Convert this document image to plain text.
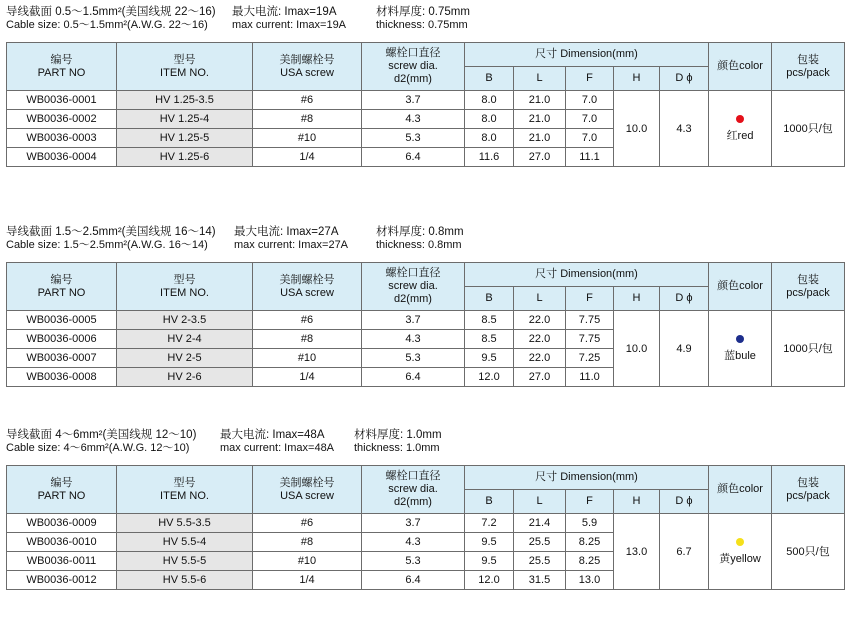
导线截面 0.5～1.5mm²(美国线规 22～16)
Cable size: 0.5～1.5mm²(A.W.G. 22～16)
最大电流: Imax=19A
max current: Imax=19A
材料厚度: 0.75mm
thickness: 0.75mm
编号
PART NO	型号
ITEM NO.	美制螺栓号
USA screw	螺栓口直径
screw dia.
d2(mm)	尺寸 Dimension(mm)					颜色color	包装
pcs/pack
				B	L	F	H	D ϕ		
WB0036-0001	HV 1.25-3.5	#6	3.7	8.0	21.0	7.0	10.0	4.3	红red	1000只/包
WB0036-0002	HV 1.25-4	#8	4.3	8.0	21.0	7.0				
WB0036-0003	HV 1.25-5	#10	5.3	8.0	21.0	7.0				
WB0036-0004	HV 1.25-6	1/4	6.4	11.6	27.0	11.1				
导线截面 1.5～2.5mm²(美国线规 16～14)
Cable size: 1.5～2.5mm²(A.W.G. 16～14)
最大电流: Imax=27A
max current: Imax=27A
材料厚度: 0.8mm
thickness: 0.8mm
编号
PART NO	型号
ITEM NO.	美制螺栓号
USA screw	螺栓口直径
screw dia.
d2(mm)	尺寸 Dimension(mm)					颜色color	包装
pcs/pack
				B	L	F	H	D ϕ		
WB0036-0005	HV 2-3.5	#6	3.7	8.5	22.0	7.75	10.0	4.9	蓝bule	1000只/包
WB0036-0006	HV 2-4	#8	4.3	8.5	22.0	7.75				
WB0036-0007	HV 2-5	#10	5.3	9.5	22.0	7.25				
WB0036-0008	HV 2-6	1/4	6.4	12.0	27.0	11.0				
导线截面 4～6mm²(美国线规 12～10)
Cable size: 4～6mm²(A.W.G. 12～10)
最大电流: Imax=48A
max current: Imax=48A
材料厚度: 1.0mm
thickness: 1.0mm
编号
PART NO	型号
ITEM NO.	美制螺栓号
USA screw	螺栓口直径
screw dia.
d2(mm)	尺寸 Dimension(mm)					颜色color	包装
pcs/pack
				B	L	F	H	D ϕ		
WB0036-0009	HV 5.5-3.5	#6	3.7	7.2	21.4	5.9	13.0	6.7	黄yellow	500只/包
WB0036-0010	HV 5.5-4	#8	4.3	9.5	25.5	8.25				
WB0036-0011	HV 5.5-5	#10	5.3	9.5	25.5	8.25				
WB0036-0012	HV 5.5-6	1/4	6.4	12.0	31.5	13.0				
